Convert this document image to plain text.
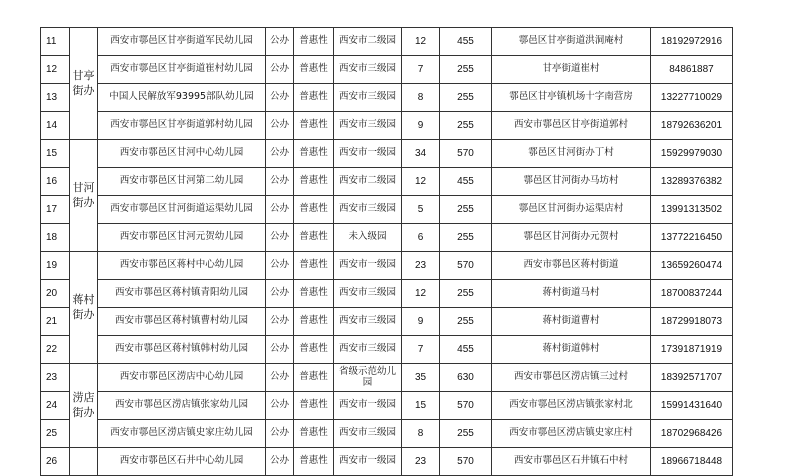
11	甘亭街办	西安市鄠邑区甘亭街道军民幼儿园	公办	普惠性	西安市二级园	12	455	鄠邑区甘亭街道洪洞庵村	18192972916
12		西安市鄠邑区甘亭街道崔村幼儿园	公办	普惠性	西安市三级园	7	255	甘亭街道崔村	84861887
13		中国人民解放军93995部队幼儿园	公办	普惠性	西安市三级园	8	255	鄠邑区甘亭镇机场十字南营房	13227710029
14		西安市鄠邑区甘亭街道郭村幼儿园	公办	普惠性	西安市三级园	9	255	西安市鄠邑区甘亭街道郭村	18792636201
15	甘河街办	西安市鄠邑区甘河中心幼儿园	公办	普惠性	西安市一级园	34	570	鄠邑区甘河街办丁村	15929979030
16		西安市鄠邑区甘河第二幼儿园	公办	普惠性	西安市二级园	12	455	鄠邑区甘河街办马坊村	13289376382
17		西安市鄠邑区甘河街道运渠幼儿园	公办	普惠性	西安市三级园	5	255	鄠邑区甘河街办运渠店村	13991313502
18		西安市鄠邑区甘河元贺幼儿园	公办	普惠性	未入级园	6	255	鄠邑区甘河街办元贺村	13772216450
19	蒋村街办	西安市鄠邑区蒋村中心幼儿园	公办	普惠性	西安市一级园	23	570	西安市鄠邑区蒋村街道	13659260474
20		西安市鄠邑区蒋村镇青阳幼儿园	公办	普惠性	西安市三级园	12	255	蒋村街道马村	18700837244
21		西安市鄠邑区蒋村镇曹村幼儿园	公办	普惠性	西安市三级园	9	255	蒋村街道曹村	18729918073
22		西安市鄠邑区蒋村镇韩村幼儿园	公办	普惠性	西安市三级园	7	455	蒋村街道韩村	17391871919
23	涝店街办	西安市鄠邑区涝店中心幼儿园	公办	普惠性	省级示范幼儿园	35	630	西安市鄠邑区涝店镇三过村	18392571707
24		西安市鄠邑区涝店镇张家幼儿园	公办	普惠性	西安市一级园	15	570	西安市鄠邑区涝店镇张家村北	15991431640
25		西安市鄠邑区涝店镇史家庄幼儿园	公办	普惠性	西安市三级园	8	255	西安市鄠邑区涝店镇史家庄村	18702968426
26		西安市鄠邑区石井中心幼儿园	公办	普惠性	西安市一级园	23	570	西安市鄠邑区石井镇石中村	18966718448
